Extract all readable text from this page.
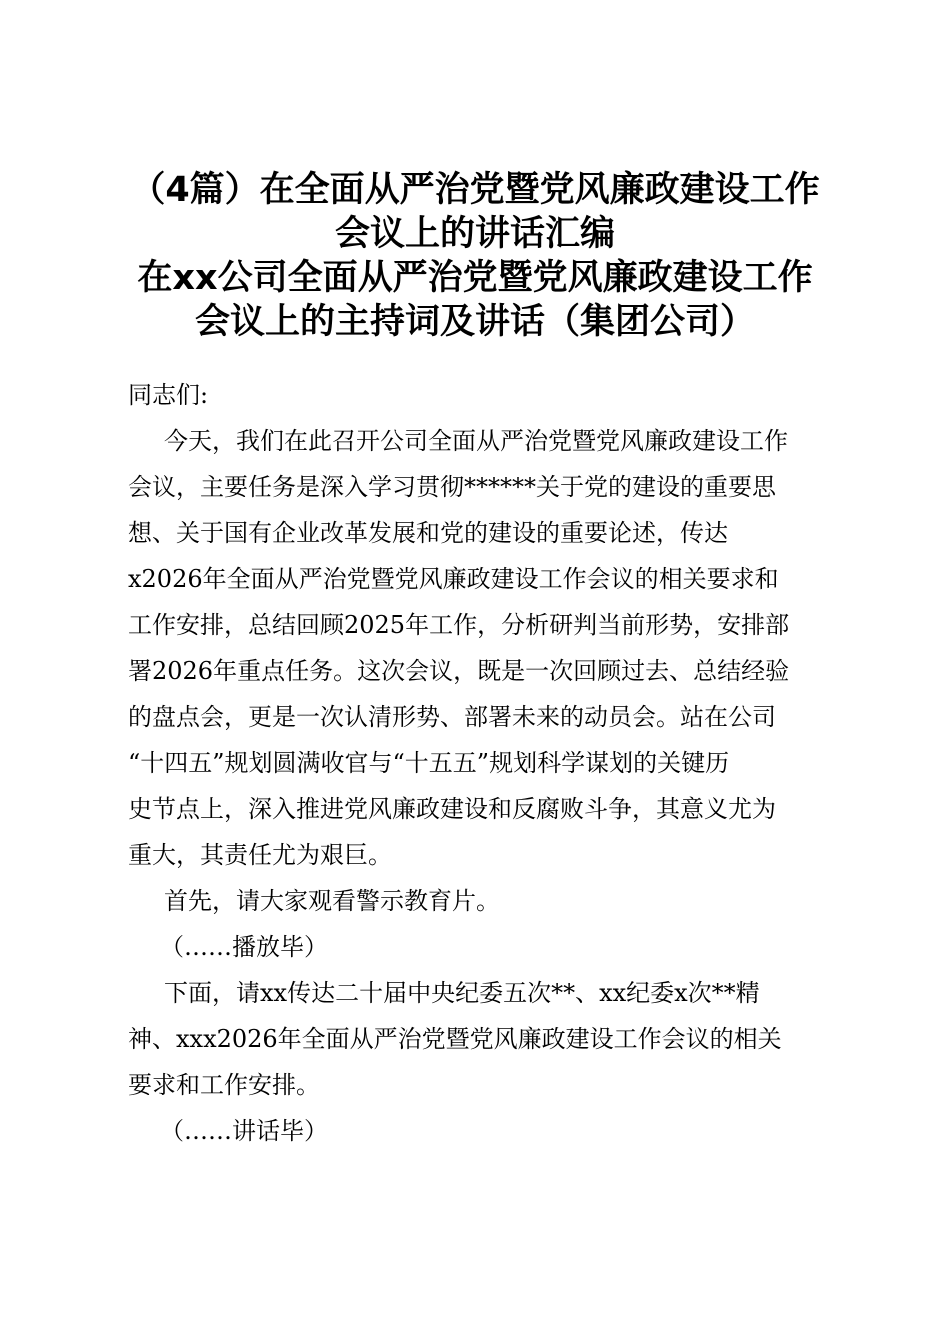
（4篇）在全面从严治党暨党风廉政建设工作
会议上的讲话汇编
在xx公司全面从严治党暨党风廉政建设工作
会议上的主持词及讲话（集团公司）

同志们:

今天，我们在此召开公司全面从严治党暨党风廉政建设工作
会议，主要任务是深入学习贯彻******关于党的建设的重要思
想、关于国有企业改革发展和党的建设的重要论述，传达
x2026年全面从严治党暨党风廉政建设工作会议的相关要求和
工作安排，总结回顾2025年工作，分析研判当前形势，安排部
署2026年重点任务。这次会议，既是一次回顾过去、总结经验
的盘点会，更是一次认清形势、部署未来的动员会。站在公司
“十四五”规划圆满收官与“十五五”规划科学谋划的关键历
史节点上，深入推进党风廉政建设和反腐败斗争，其意义尤为
重大，其责任尤为艰巨。

首先，请大家观看警示教育片。

（……播放毕）

下面，请xx传达二十届中央纪委五次**、xx纪委x次**精
神、xxx2026年全面从严治党暨党风廉政建设工作会议的相关
要求和工作安排。

（……讲话毕）
